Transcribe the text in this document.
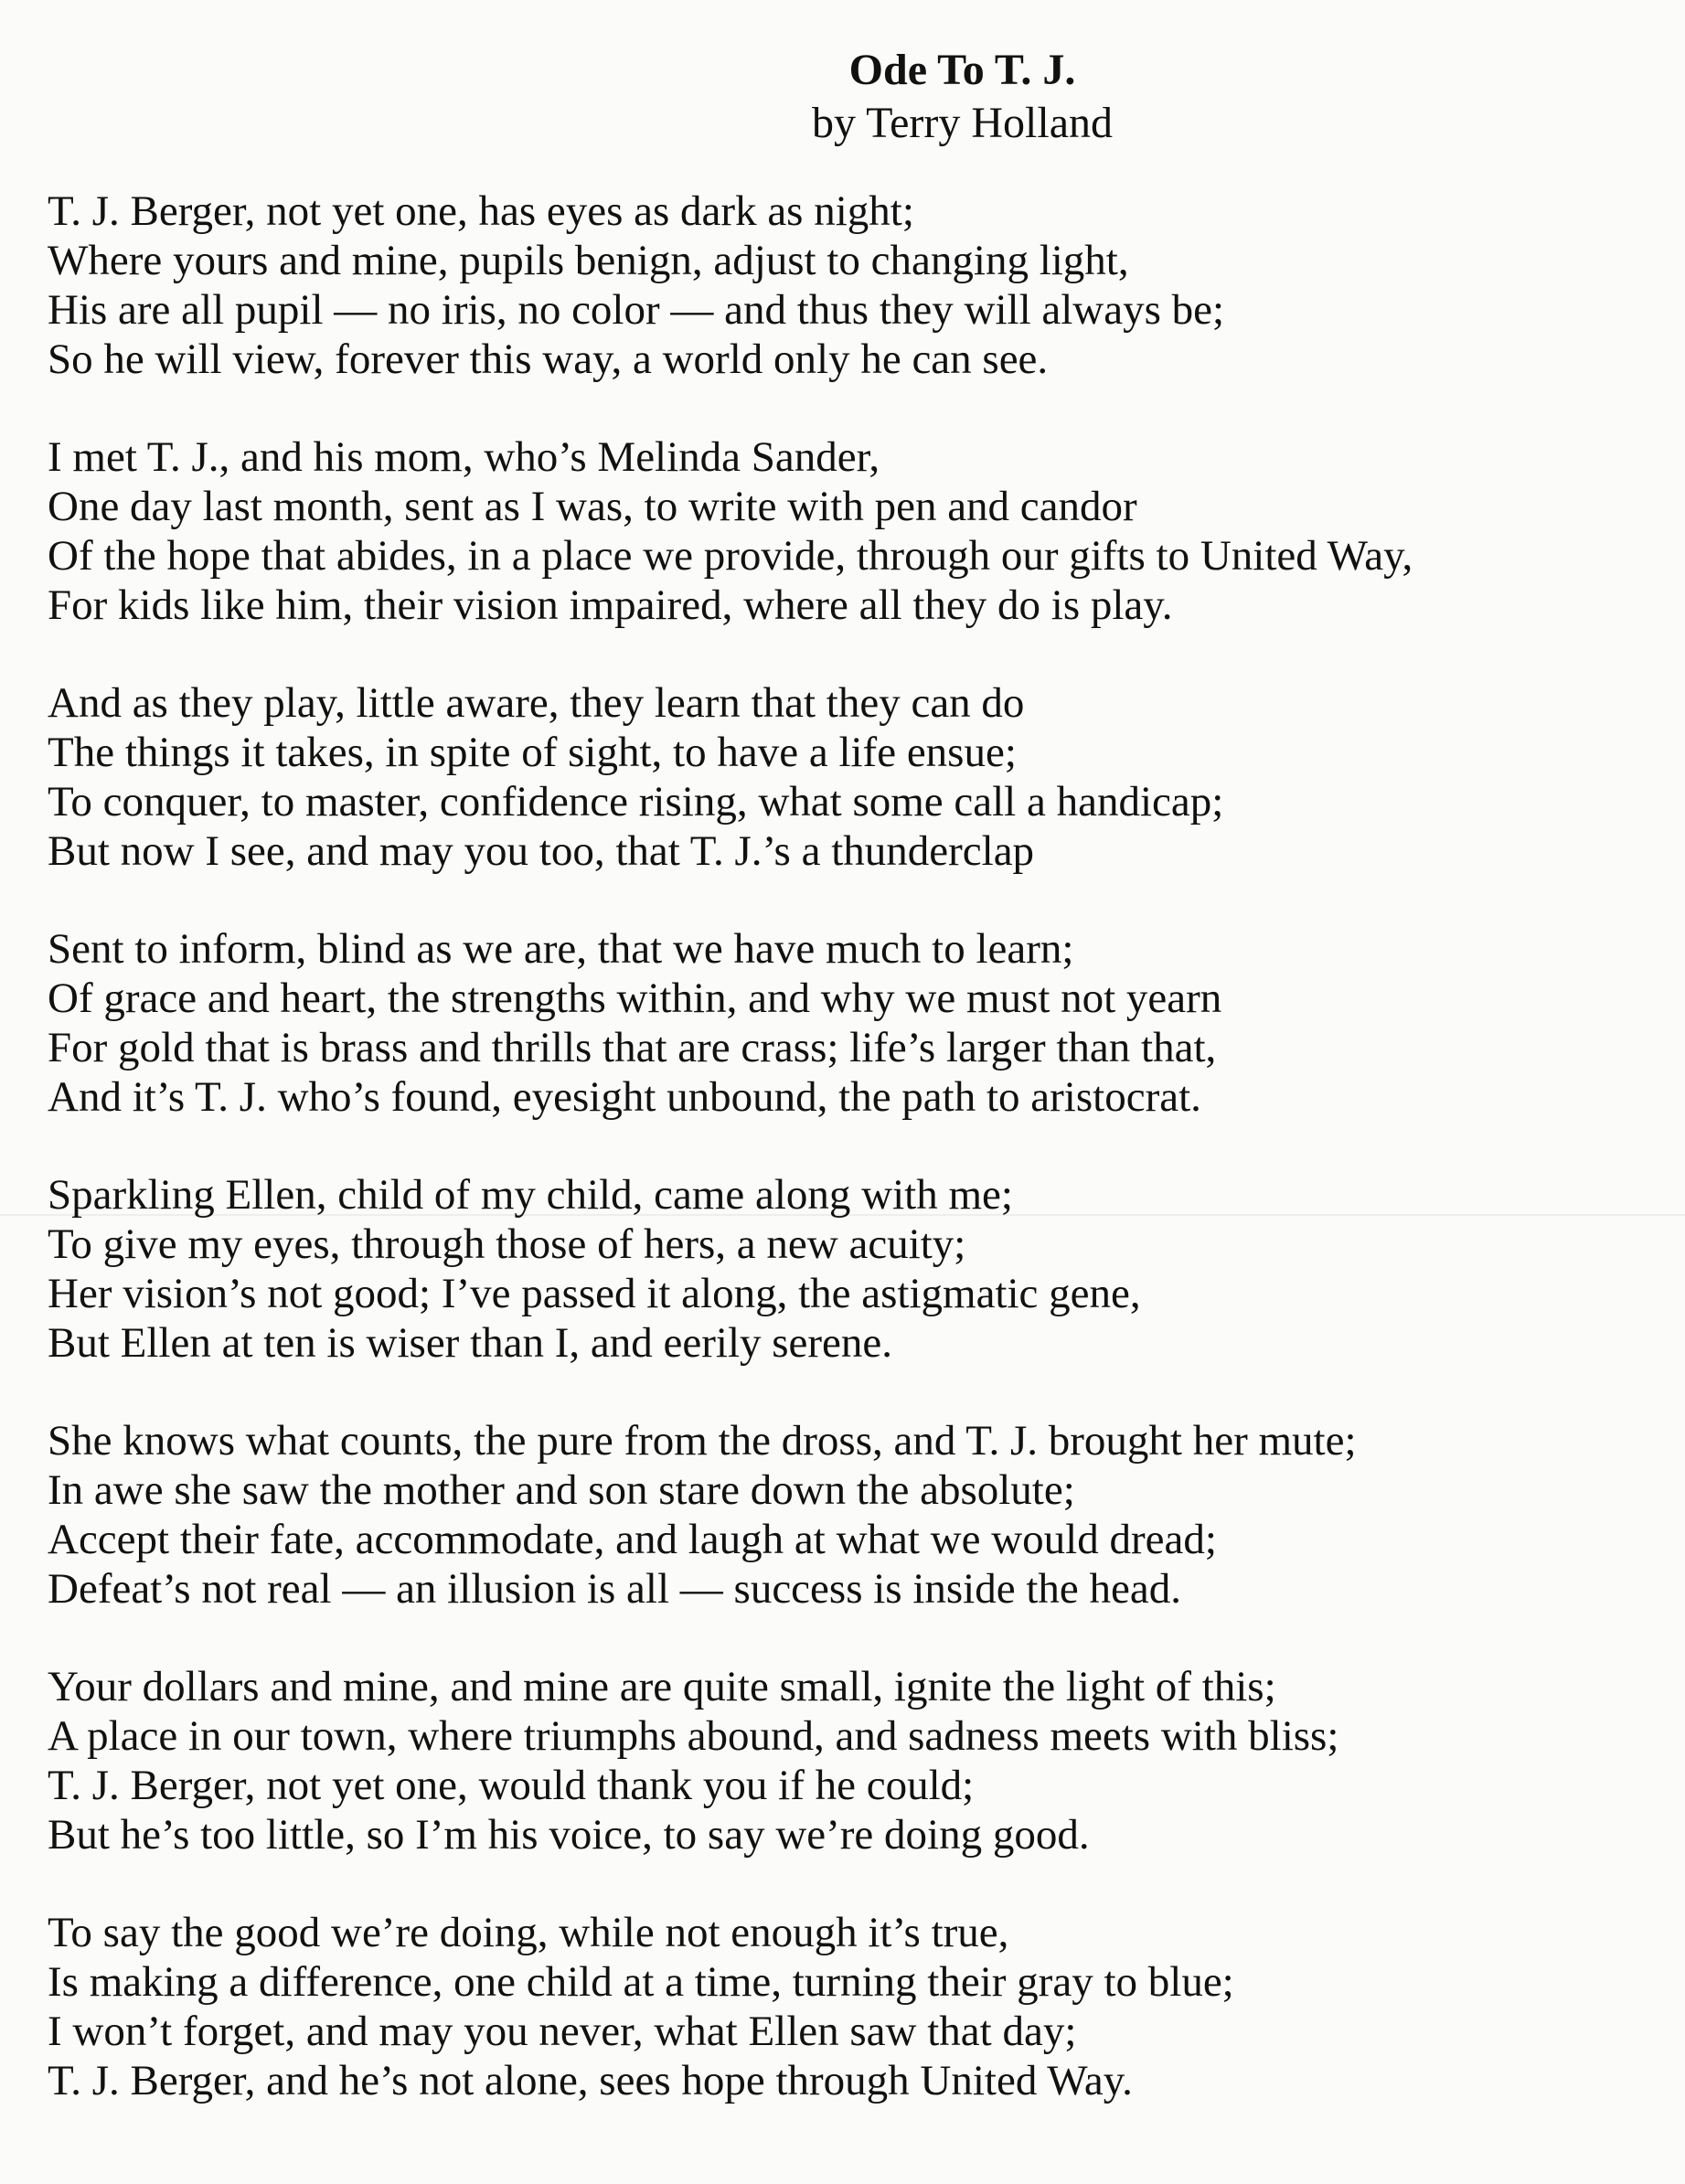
Ode To T. J.
by Terry Holland
T. J. Berger, not yet one, has eyes as dark as night;
Where yours and mine, pupils benign, adjust to changing light,
His are all pupil — no iris, no color — and thus they will always be;
So he will view, forever this way, a world only he can see.
I met T. J., and his mom, who’s Melinda Sander,
One day last month, sent as I was, to write with pen and candor
Of the hope that abides, in a place we provide, through our gifts to United Way,
For kids like him, their vision impaired, where all they do is play.
And as they play, little aware, they learn that they can do
The things it takes, in spite of sight, to have a life ensue;
To conquer, to master, confidence rising, what some call a handicap;
But now I see, and may you too, that T. J.’s a thunderclap
Sent to inform, blind as we are, that we have much to learn;
Of grace and heart, the strengths within, and why we must not yearn
For gold that is brass and thrills that are crass; life’s larger than that,
And it’s T. J. who’s found, eyesight unbound, the path to aristocrat.
Sparkling Ellen, child of my child, came along with me;
To give my eyes, through those of hers, a new acuity;
Her vision’s not good; I’ve passed it along, the astigmatic gene,
But Ellen at ten is wiser than I, and eerily serene.
She knows what counts, the pure from the dross, and T. J. brought her mute;
In awe she saw the mother and son stare down the absolute;
Accept their fate, accommodate, and laugh at what we would dread;
Defeat’s not real — an illusion is all — success is inside the head.
Your dollars and mine, and mine are quite small, ignite the light of this;
A place in our town, where triumphs abound, and sadness meets with bliss;
T. J. Berger, not yet one, would thank you if he could;
But he’s too little, so I’m his voice, to say we’re doing good.
To say the good we’re doing, while not enough it’s true,
Is making a difference, one child at a time, turning their gray to blue;
I won’t forget, and may you never, what Ellen saw that day;
T. J. Berger, and he’s not alone, sees hope through United Way.
